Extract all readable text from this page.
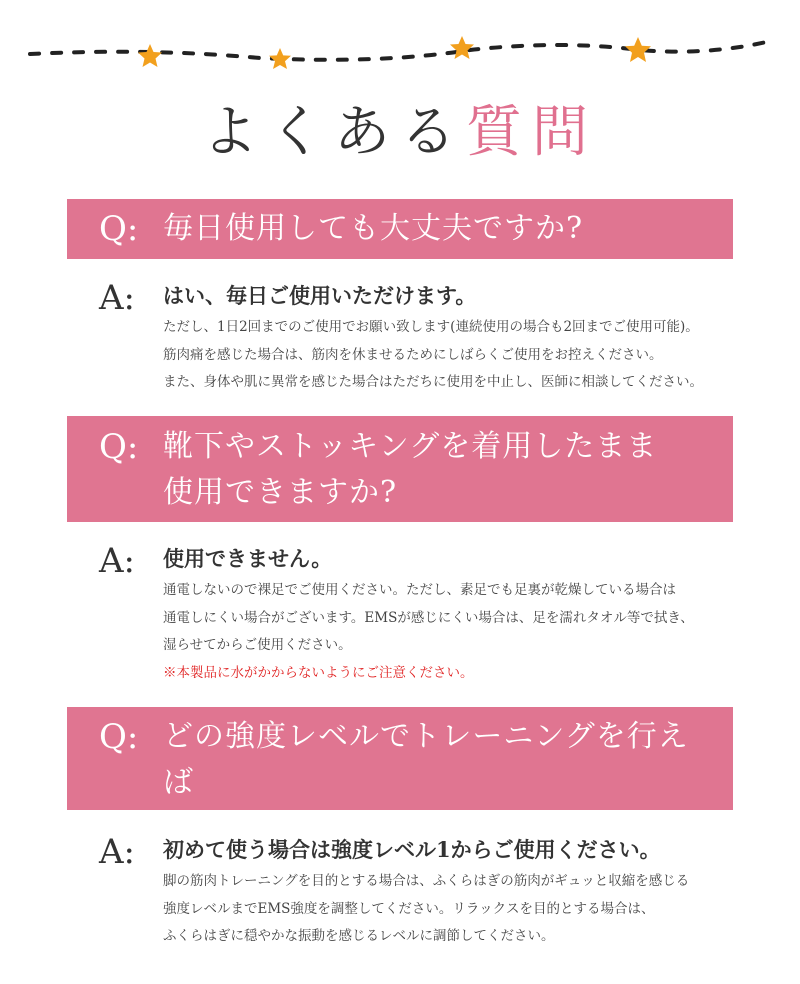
よくある質問
Q: 毎日使用しても大丈夫ですか?
A: はい、毎日ご使用いただけます。
ただし、1日2回までのご使用でお願い致します(連続使用の場合も2回までご使用可能)。
筋肉痛を感じた場合は、筋肉を休ませるためにしばらくご使用をお控えください。
また、身体や肌に異常を感じた場合はただちに使用を中止し、医師に相談してください。
Q: 靴下やストッキングを着用したまま
使用できますか?
A: 使用できません。
通電しないので裸足でご使用ください。ただし、素足でも足裏が乾燥している場合は
通電しにくい場合がございます。EMSが感じにくい場合は、足を濡れタオル等で拭き、
湿らせてからご使用ください。
※本製品に水がかからないようにご注意ください。
Q: どの強度レベルでトレーニングを行えば
いいですか?
A: 初めて使う場合は強度レベル1からご使用ください。
脚の筋肉トレーニングを目的とする場合は、ふくらはぎの筋肉がギュッと収縮を感じる
強度レベルまでEMS強度を調整してください。リラックスを目的とする場合は、
ふくらはぎに穏やかな振動を感じるレベルに調節してください。
